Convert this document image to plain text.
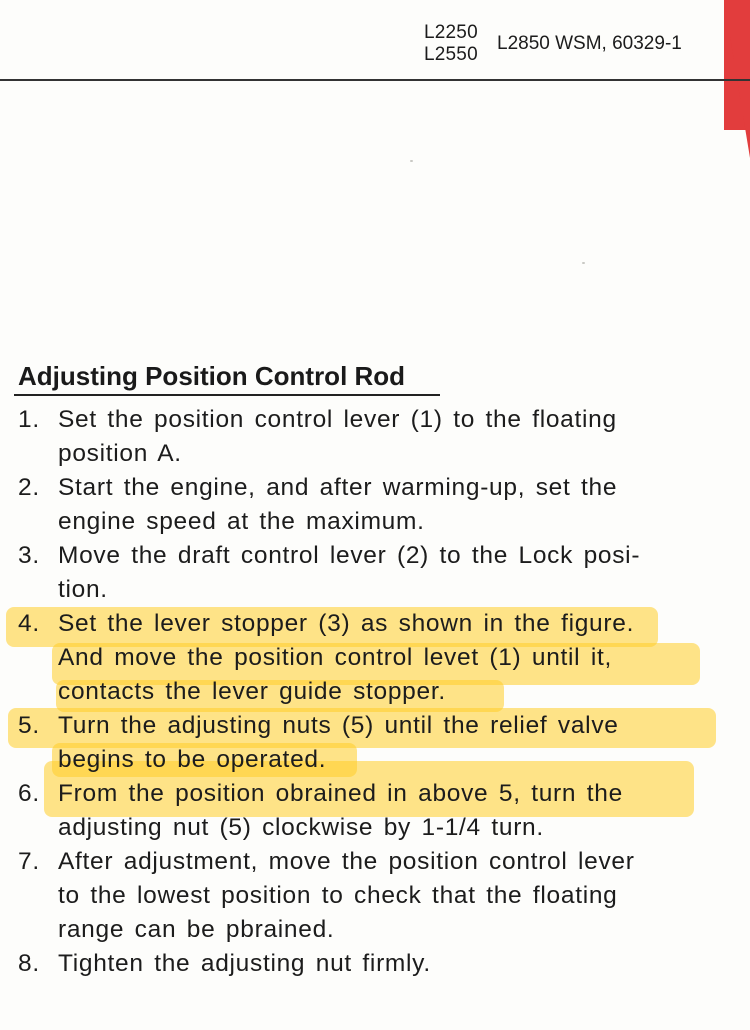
L2250
L2550
L2850 WSM, 60329-1
Adjusting Position Control Rod
1. Set the position control lever (1) to the floating
position A.
2. Start the engine, and after warming-up, set the
engine speed at the maximum.
3. Move the draft control lever (2) to the Lock posi-
tion.
4. Set the lever stopper (3) as shown in the figure.
And move the position control levet (1) until it,
contacts the lever guide stopper.
5. Turn the adjusting nuts (5) until the relief valve
begins to be operated.
6. From the position obrained in above 5, turn the
adjusting nut (5) clockwise by 1-1/4 turn.
7. After adjustment, move the position control lever
to the lowest position to check that the floating
range can be pbrained.
8. Tighten the adjusting nut firmly.
